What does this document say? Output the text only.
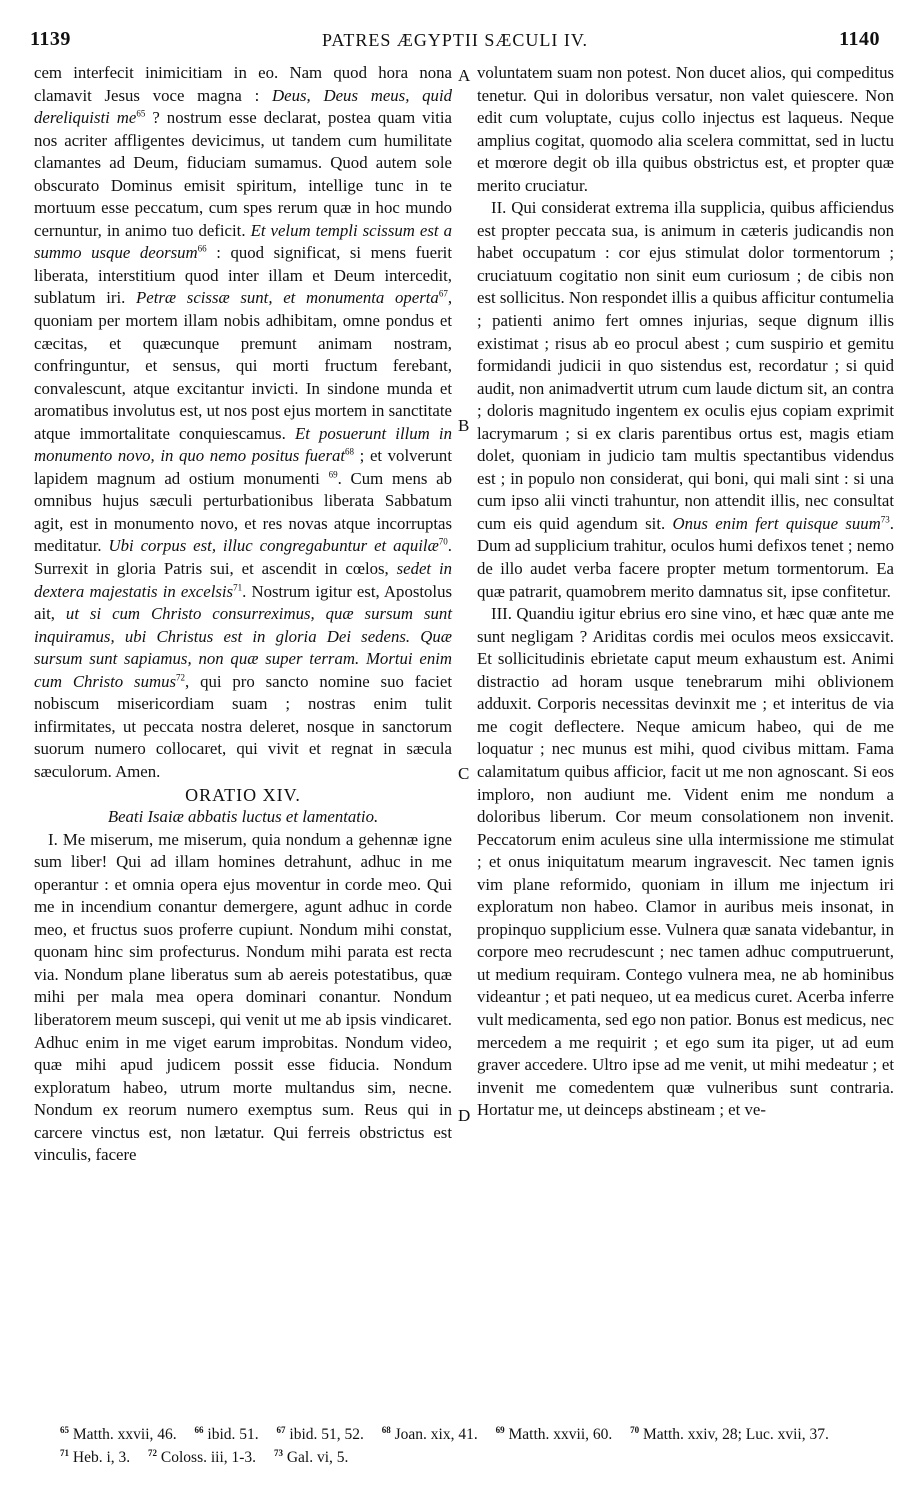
1139	PATRES ÆGYPTII SÆCULI IV.	1140
A
B
C
D

cem interfecit inimicitiam in eo. Nam quod hora nona clamavit Jesus voce magna : Deus, Deus meus, quid dereliquisti $me^{65}$ ? nostrum esse declarat, postea quam vitia nos acriter affligentes devicimus, ut tandem cum humilitate clamantes ad Deum, fiduciam sumamus. Quod autem sole obscurato Dominus emisit spiritum, intellige tunc in te mortuum esse peccatum, cum spes rerum quæ in hoc mundo cernuntur, in animo tuo deficit. Et velum templi scissum est a summo usque deorsum$^{66}$ : quod significat, si mens fuerit liberata, interstitium quod inter illam et Deum intercedit, sublatum iri. Petræ scissæ sunt, et monumenta operta$^{67}$, quoniam per mortem illam nobis adhibitam, omne pondus et cæcitas, et quæcunque premunt animam nostram, confringuntur, et sensus, qui morti fructum ferebant, convalescunt, atque excitantur invicti. In sindone munda et aromatibus involutus est, ut nos post ejus mortem in sanctitate atque immortalitate conquiescamus. Et posuerunt illum in monumento novo, in quo nemo positus fuerat$^{68}$ ; et volverunt lapidem magnum ad ostium monumenti $^{69}$. Cum mens ab omnibus hujus sæculi perturbationibus liberata Sabbatum agit, est in monumento novo, et res novas atque incorruptas meditatur. Ubi corpus est, illuc congregabuntur et aquilæ$^{70}$. Surrexit in gloria Patris sui, et ascendit in cœlos, sedet in dextera majestatis in excelsis$^{71}$. Nostrum igitur est, Apostolus ait, ut si cum Christo consurreximus, quæ sursum sunt inquiramus, ubi Christus est in gloria Dei sedens. Quæ sursum sunt sapiamus, non quæ super terram. Mortui enim cum Christo sumus$^{72}$, qui pro sancto nomine suo faciet nobiscum misericordiam suam ; nostras enim tulit infirmitates, ut peccata nostra deleret, nosque in sanctorum suorum numero collocaret, qui vivit et regnat in sæcula sæculorum. Amen.

ORATIO XIV.

Beati Isaiæ abbatis luctus et lamentatio.

I. Me miserum, me miserum, quia nondum a gehennæ igne sum liber! Qui ad illam homines detrahunt, adhuc in me operantur : et omnia opera ejus moventur in corde meo. Qui me in incendium conantur demergere, agunt adhuc in corde meo, et fructus suos proferre cupiunt. Nondum mihi constat, quonam hinc sim profecturus. Nondum mihi parata est recta via. Nondum plane liberatus sum ab aereis potestatibus, quæ mihi per mala mea opera dominari conantur. Nondum liberatorem meum suscepi, qui venit ut me ab ipsis vindicaret. Adhuc enim in me viget earum improbitas. Nondum video, quæ mihi apud judicem possit esse fiducia. Nondum exploratum habeo, utrum morte multandus sim, necne. Nondum ex reorum numero exemptus sum. Reus qui in carcere vinctus est, non lætatur. Qui ferreis obstrictus est vinculis, facere

voluntatem suam non potest. Non ducet alios, qui compeditus tenetur. Qui in doloribus versatur, non valet quiescere. Non edit cum voluptate, cujus collo injectus est laqueus. Neque amplius cogitat, quomodo alia scelera committat, sed in luctu et mœrore degit ob illa quibus obstrictus est, et propter quæ merito cruciatur.

II. Qui considerat extrema illa supplicia, quibus afficiendus est propter peccata sua, is animum in cæteris judicandis non habet occupatum : cor ejus stimulat dolor tormentorum ; cruciatuum cogitatio non sinit eum curiosum ; de cibis non est sollicitus. Non respondet illis a quibus afficitur contumelia ; patienti animo fert omnes injurias, seque dignum illis existimat ; risus ab eo procul abest ; cum suspirio et gemitu formidandi judicii in quo sistendus est, recordatur ; si quid audit, non animadvertit utrum cum laude dictum sit, an contra ; doloris magnitudo ingentem ex oculis ejus copiam exprimit lacrymarum ; si ex claris parentibus ortus est, magis etiam dolet, quoniam in judicio tam multis spectantibus videndus est ; in populo non considerat, qui boni, qui mali sint : si una cum ipso alii vincti trahuntur, non attendit illis, nec consultat cum eis quid agendum sit. Onus enim fert quisque suum$^{73}$. Dum ad supplicium trahitur, oculos humi defixos tenet ; nemo de illo audet verba facere propter metum tormentorum. Ea quæ patrarit, quamobrem merito damnatus sit, ipse confitetur.

III. Quandiu igitur ebrius ero sine vino, et hæc quæ ante me sunt negligam ? Ariditas cordis mei oculos meos exsiccavit. Et sollicitudinis ebrietate caput meum exhaustum est. Animi distractio ad horam usque tenebrarum mihi oblivionem adduxit. Corporis necessitas devinxit me ; et interitus de via me cogit deflectere. Neque amicum habeo, qui de me loquatur ; nec munus est mihi, quod civibus mittam. Fama calamitatum quibus afficior, facit ut me non agnoscant. Si eos imploro, non audiunt me. Vident enim me nondum a doloribus liberum. Cor meum consolationem non invenit. Peccatorum enim aculeus sine ulla intermissione me stimulat ; et onus iniquitatum mearum ingravescit. Nec tamen ignis vim plane reformido, quoniam in illum me injectum iri exploratum non habeo. Clamor in auribus meis insonat, in propinquo supplicium esse. Vulnera quæ sanata videbantur, in corpore meo recrudescunt ; nec tamen adhuc computruerunt, ut medium requiram. Contego vulnera mea, ne ab hominibus videantur ; et pati nequeo, ut ea medicus curet. Acerba inferre vult medicamenta, sed ego non patior. Bonus est medicus, nec mercedem a me requirit ; et ego sum ita piger, ut ad eum graver accedere. Ultro ipse ad me venit, ut mihi medeatur ; et invenit me comedentem quæ vulneribus sunt contraria. Hortatur me, ut deinceps abstineam ; et ve-

$^{65}$ Matth. xxvii, 46. $^{66}$ ibid. 51. $^{67}$ ibid. 51, 52. $^{68}$ Joan. xix, 41. $^{69}$ Matth. xxvii, 60. $^{70}$ Matth. xxiv, 28; Luc. xvii, 37. $^{71}$ Heb. i, 3. $^{72}$ Coloss. iii, 1-3. $^{73}$ Gal. vi, 5.
